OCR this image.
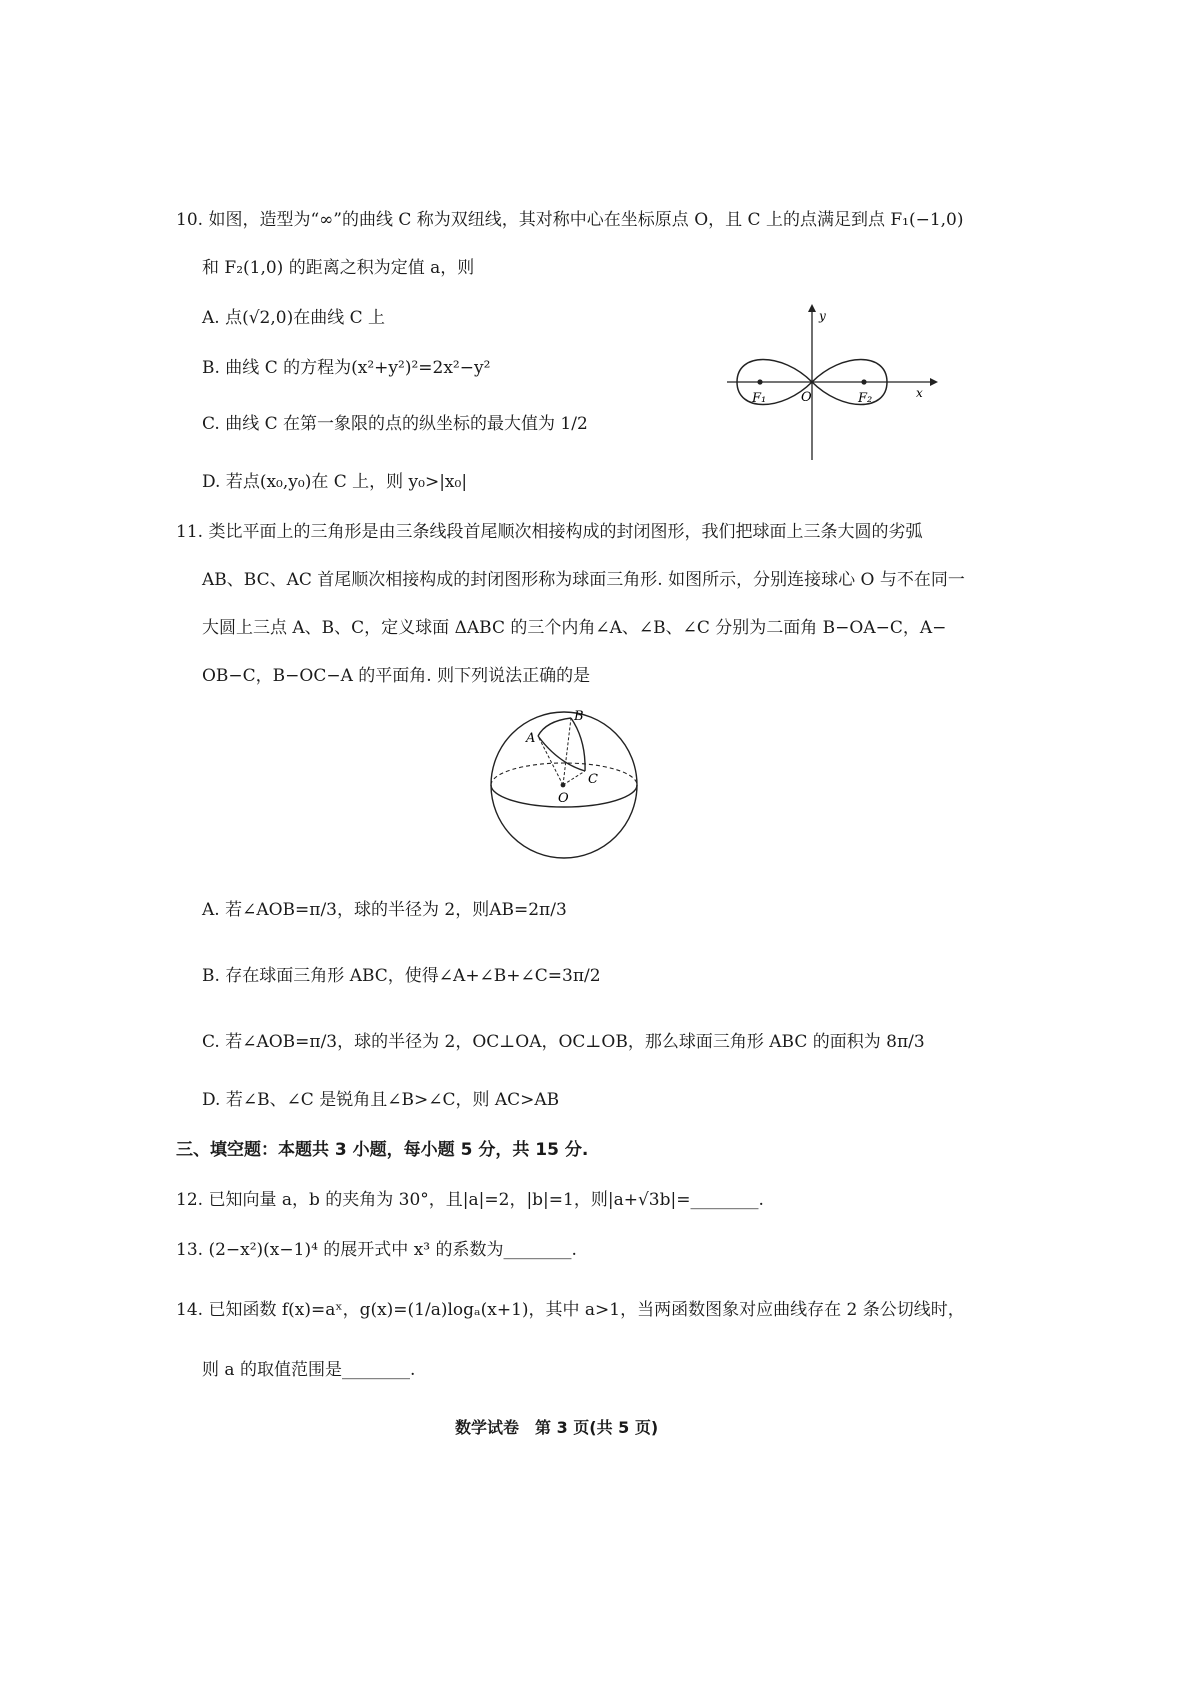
10. 如图，造型为“∞”的曲线 C 称为双纽线，其对称中心在坐标原点 O，且 C 上的点满足到点 F₁(−1,0)
和 F₂(1,0) 的距离之积为定值 a，则
A. 点(√2,0)在曲线 C 上
B. 曲线 C 的方程为(x²+y²)²=2x²−y²
C. 曲线 C 在第一象限的点的纵坐标的最大值为 1/2
D. 若点(x₀,y₀)在 C 上，则 y₀>|x₀|
F₁	F₂
O	x
y
11. 类比平面上的三角形是由三条线段首尾顺次相接构成的封闭图形，我们把球面上三条大圆的劣弧
AB、BC、AC 首尾顺次相接构成的封闭图形称为球面三角形. 如图所示，分别连接球心 O 与不在同一
大圆上三点 A、B、C，定义球面 ΔABC 的三个内角∠A、∠B、∠C 分别为二面角 B−OA−C，A−
OB−C，B−OC−A 的平面角. 则下列说法正确的是
A
B
C
O
A. 若∠AOB=π/3，球的半径为 2，则AB=2π/3
B. 存在球面三角形 ABC，使得∠A+∠B+∠C=3π/2
C. 若∠AOB=π/3，球的半径为 2，OC⊥OA，OC⊥OB，那么球面三角形 ABC 的面积为 8π/3
D. 若∠B、∠C 是锐角且∠B>∠C，则 AC>AB
三、填空题：本题共 3 小题，每小题 5 分，共 15 分.
12. 已知向量 a，b 的夹角为 30°，且|a|=2，|b|=1，则|a+√3b|=________.
13. (2−x²)(x−1)⁴ 的展开式中 x³ 的系数为________.
14. 已知函数 f(x)=aˣ，g(x)=(1/a)logₐ(x+1)，其中 a>1，当两函数图象对应曲线存在 2 条公切线时，
则 a 的取值范围是________.
数学试卷　第 3 页(共 5 页)
